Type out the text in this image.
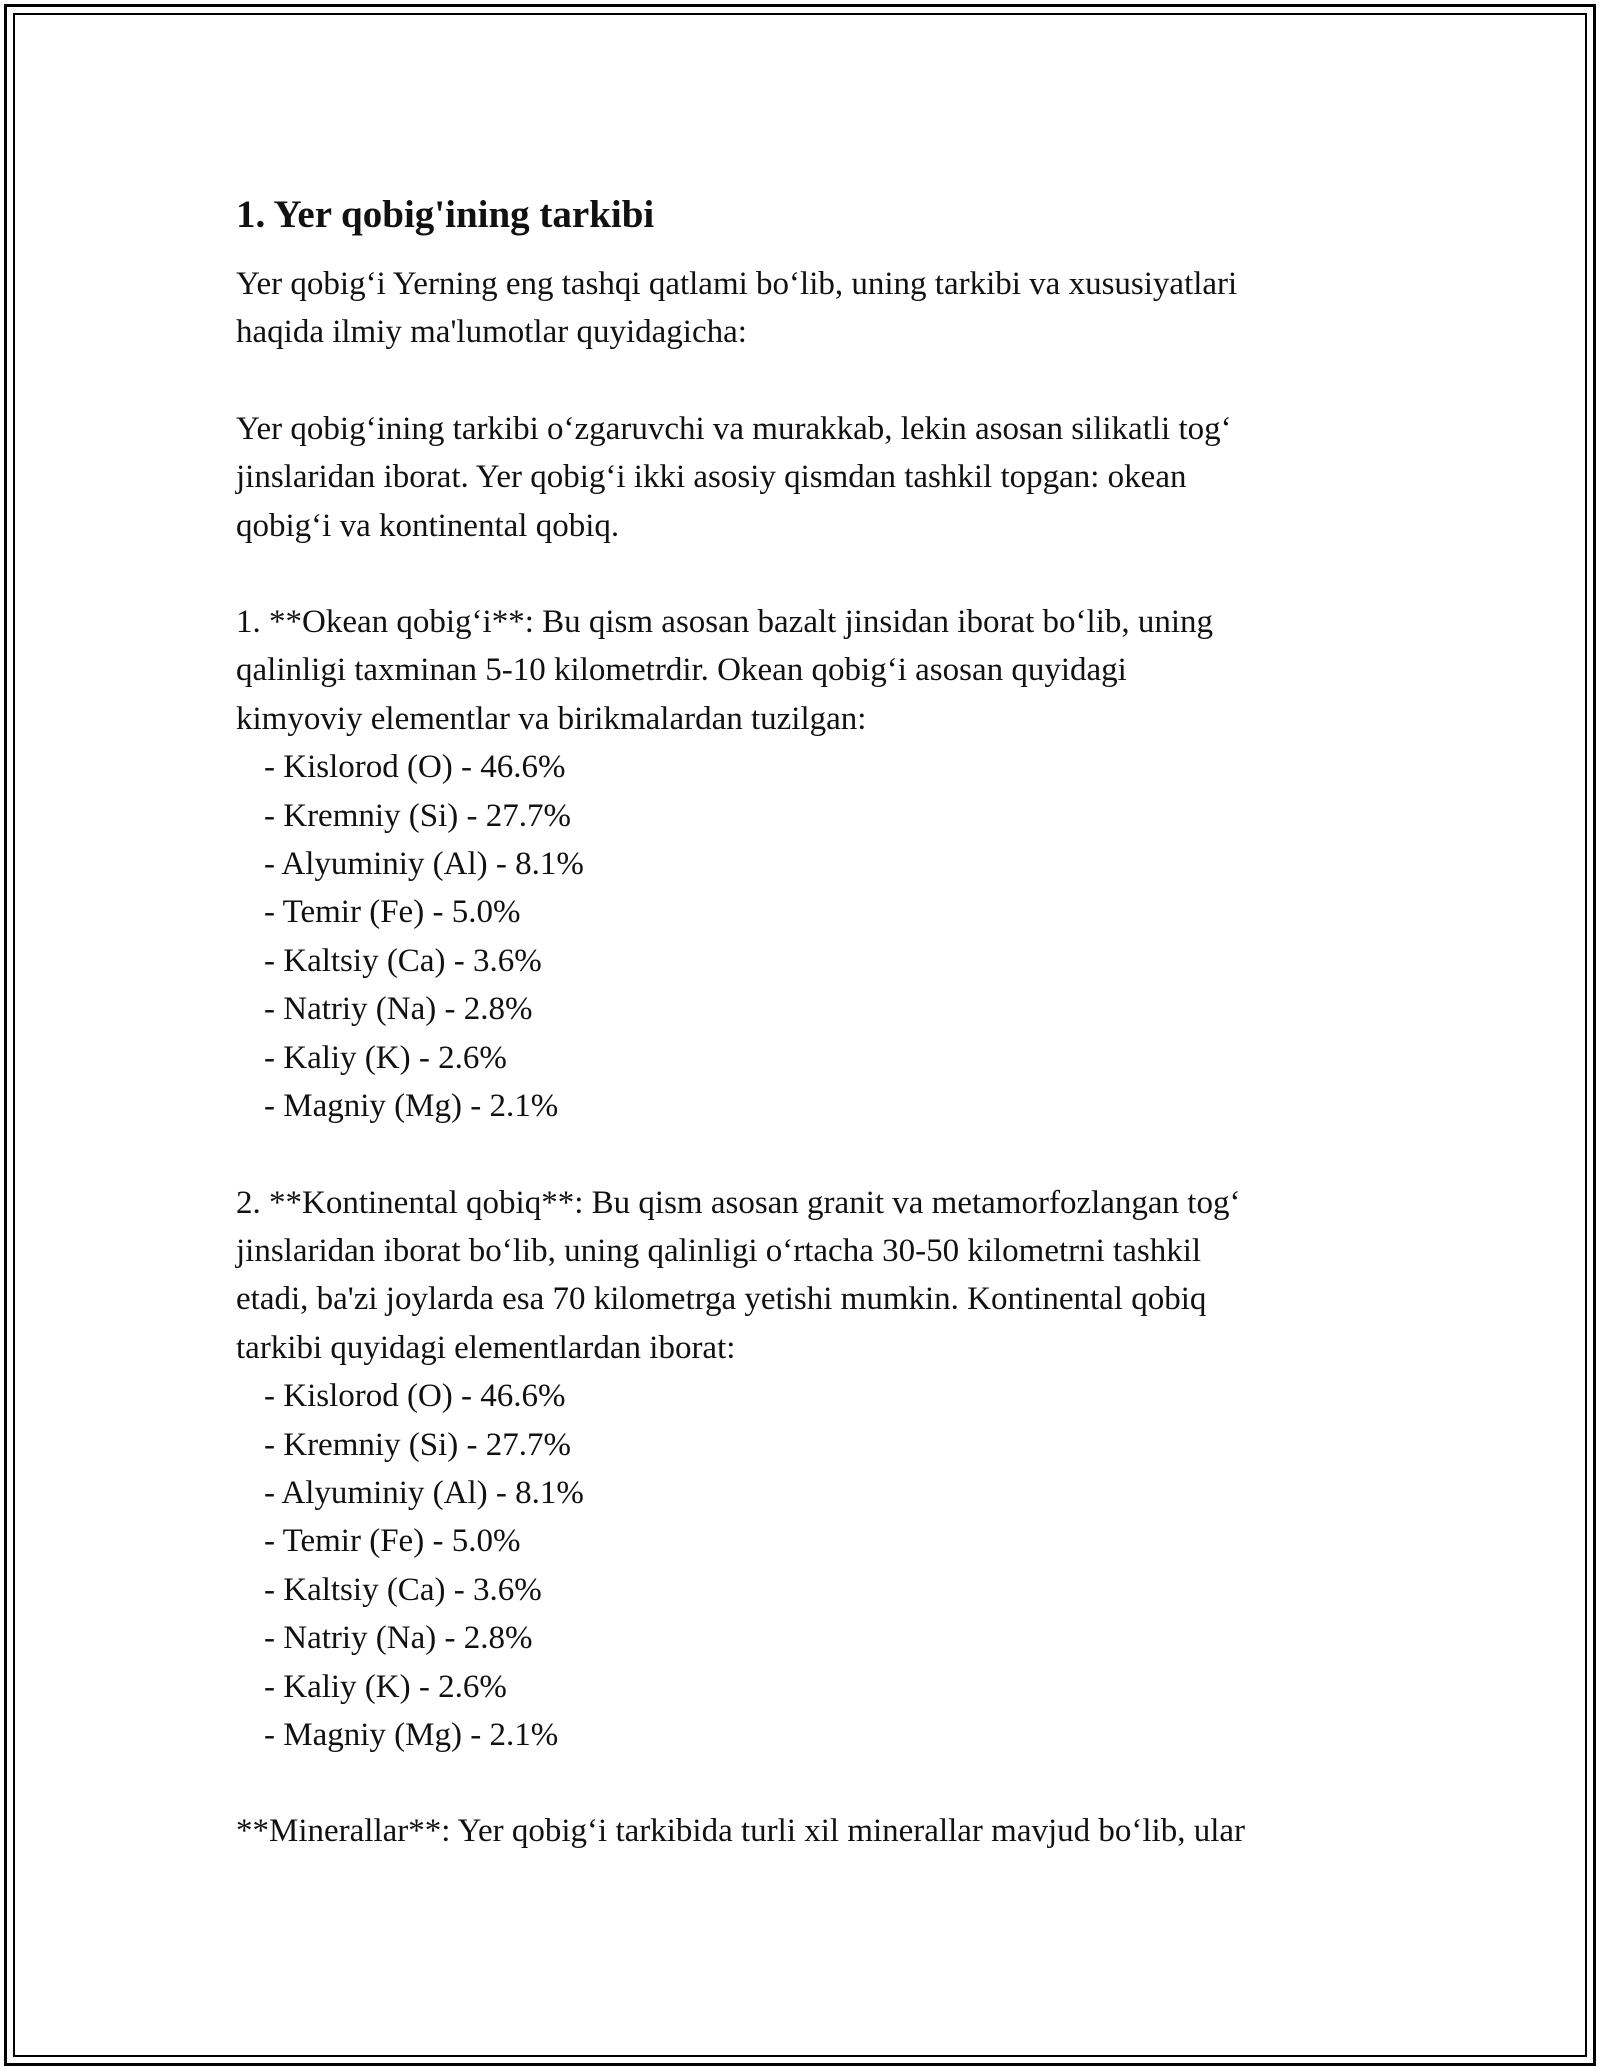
1. Yer qobig'ining tarkibi

Yer qobig‘i Yerning eng tashqi qatlami bo‘lib, uning tarkibi va xususiyatlari
haqida ilmiy ma'lumotlar quyidagicha:

Yer qobig‘ining tarkibi o‘zgaruvchi va murakkab, lekin asosan silikatli tog‘
jinslaridan iborat. Yer qobig‘i ikki asosiy qismdan tashkil topgan: okean
qobig‘i va kontinental qobiq.

1. **Okean qobig‘i**: Bu qism asosan bazalt jinsidan iborat bo‘lib, uning
qalinligi taxminan 5-10 kilometrdir. Okean qobig‘i asosan quyidagi
kimyoviy elementlar va birikmalardan tuzilgan:

- Kislorod (O) - 46.6%
- Kremniy (Si) - 27.7%
- Alyuminiy (Al) - 8.1%
- Temir (Fe) - 5.0%
- Kaltsiy (Ca) - 3.6%
- Natriy (Na) - 2.8%
- Kaliy (K) - 2.6%
- Magniy (Mg) - 2.1%

2. **Kontinental qobiq**: Bu qism asosan granit va metamorfozlangan tog‘
jinslaridan iborat bo‘lib, uning qalinligi o‘rtacha 30-50 kilometrni tashkil
etadi, ba'zi joylarda esa 70 kilometrga yetishi mumkin. Kontinental qobiq
tarkibi quyidagi elementlardan iborat:

- Kislorod (O) - 46.6%
- Kremniy (Si) - 27.7%
- Alyuminiy (Al) - 8.1%
- Temir (Fe) - 5.0%
- Kaltsiy (Ca) - 3.6%
- Natriy (Na) - 2.8%
- Kaliy (K) - 2.6%
- Magniy (Mg) - 2.1%

**Minerallar**: Yer qobig‘i tarkibida turli xil minerallar mavjud bo‘lib, ular
